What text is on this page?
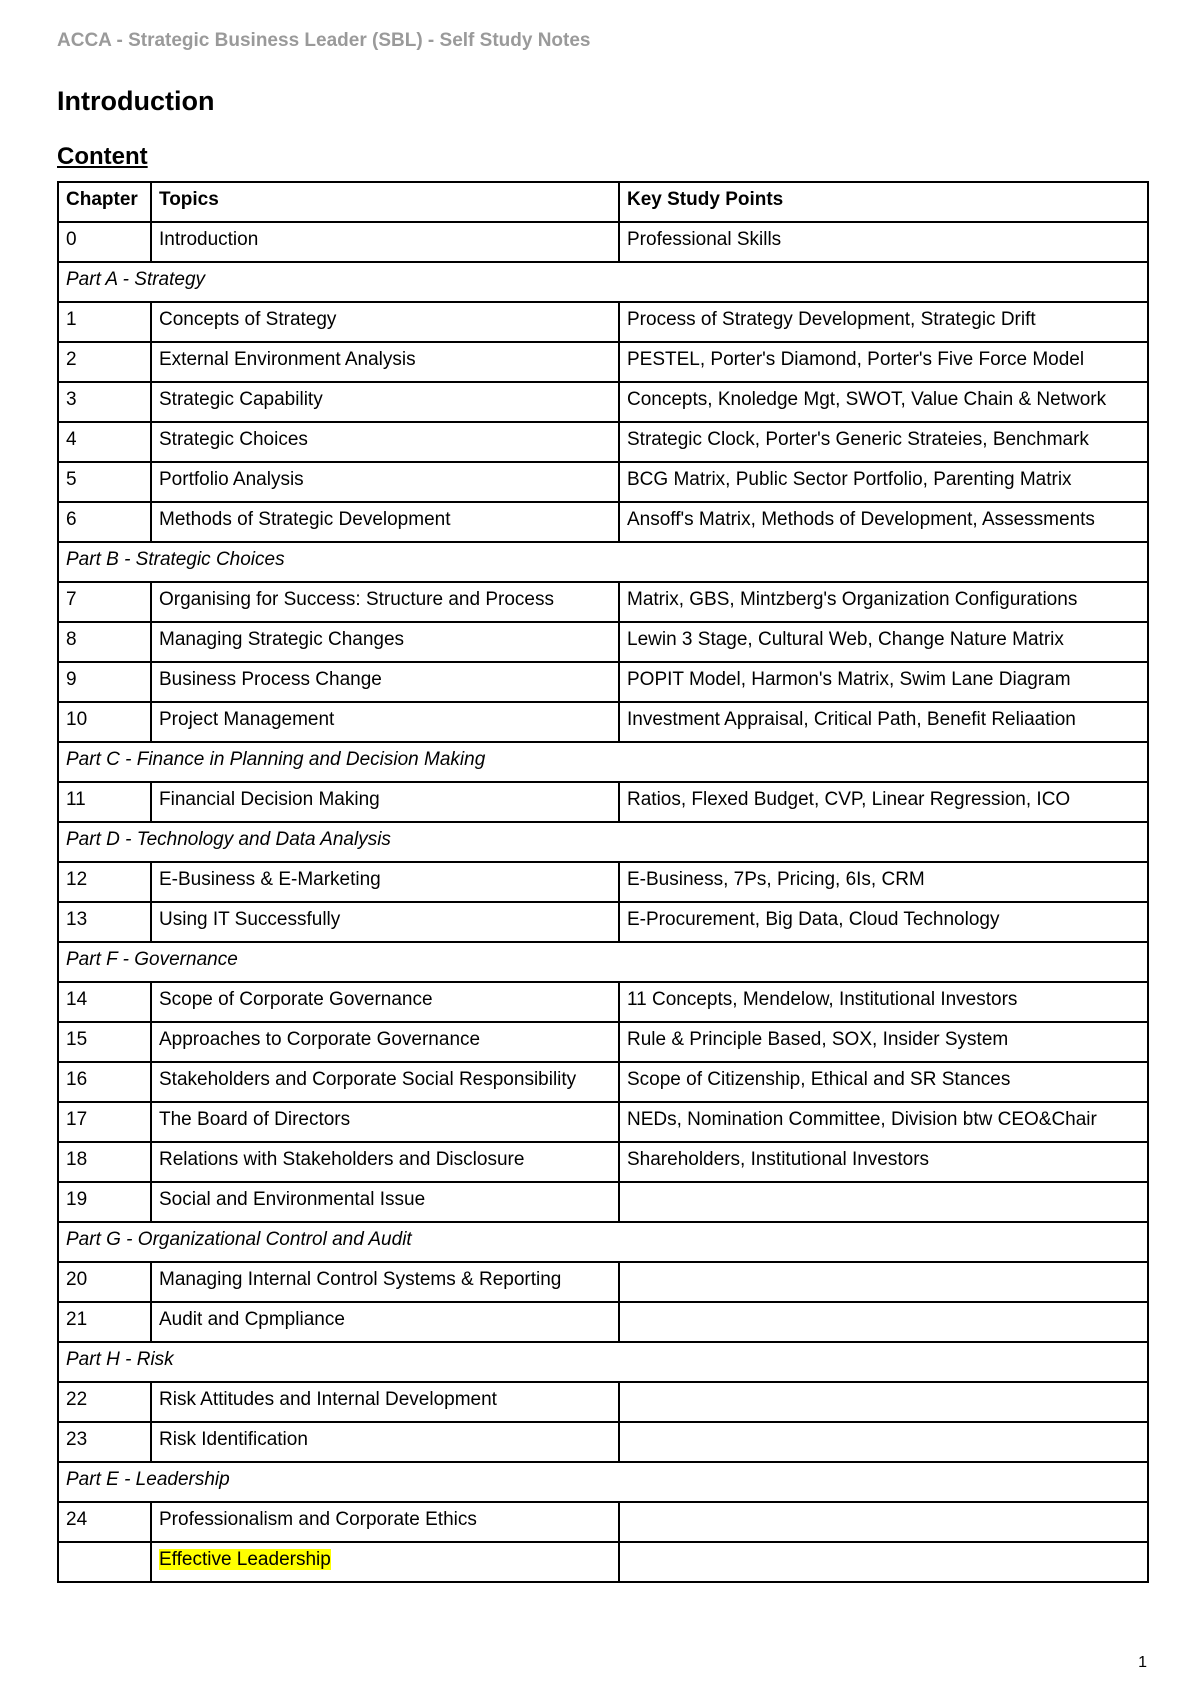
ACCA - Strategic Business Leader (SBL) - Self Study Notes
Introduction
Content
Chapter	Topics	Key Study Points
0	Introduction	Professional Skills
Part A - Strategy		
1	Concepts of Strategy	Process of Strategy Development, Strategic Drift
2	External Environment Analysis	PESTEL, Porter's Diamond, Porter's Five Force Model
3	Strategic Capability	Concepts, Knoledge Mgt, SWOT, Value Chain & Network
4	Strategic Choices	Strategic Clock, Porter's Generic Strateies, Benchmark
5	Portfolio Analysis	BCG Matrix, Public Sector Portfolio, Parenting Matrix
6	Methods of Strategic Development	Ansoff's Matrix, Methods of Development, Assessments
Part B - Strategic Choices		
7	Organising for Success: Structure and Process	Matrix, GBS, Mintzberg's Organization Configurations
8	Managing Strategic Changes	Lewin 3 Stage, Cultural Web, Change Nature Matrix
9	Business Process Change	POPIT Model, Harmon's Matrix, Swim Lane Diagram
10	Project Management	Investment Appraisal, Critical Path, Benefit Reliaation
Part C - Finance in Planning and Decision Making		
11	Financial Decision Making	Ratios, Flexed Budget, CVP, Linear Regression, ICO
Part D - Technology and Data Analysis		
12	E-Business & E-Marketing	E-Business, 7Ps, Pricing, 6Is, CRM
13	Using IT Successfully	E-Procurement, Big Data, Cloud Technology
Part F - Governance		
14	Scope of Corporate Governance	11 Concepts, Mendelow, Institutional Investors
15	Approaches to Corporate Governance	Rule & Principle Based, SOX, Insider System
16	Stakeholders and Corporate Social Responsibility	Scope of Citizenship, Ethical and SR Stances
17	The Board of Directors	NEDs, Nomination Committee, Division btw CEO&Chair
18	Relations with Stakeholders and Disclosure	Shareholders, Institutional Investors
19	Social and Environmental Issue	
Part G - Organizational Control and Audit		
20	Managing Internal Control Systems & Reporting	
21	Audit and Cpmpliance	
Part H - Risk		
22	Risk Attitudes and Internal Development	
23	Risk Identification	
Part E - Leadership		
24	Professionalism and Corporate Ethics	
	Effective Leadership	
1
